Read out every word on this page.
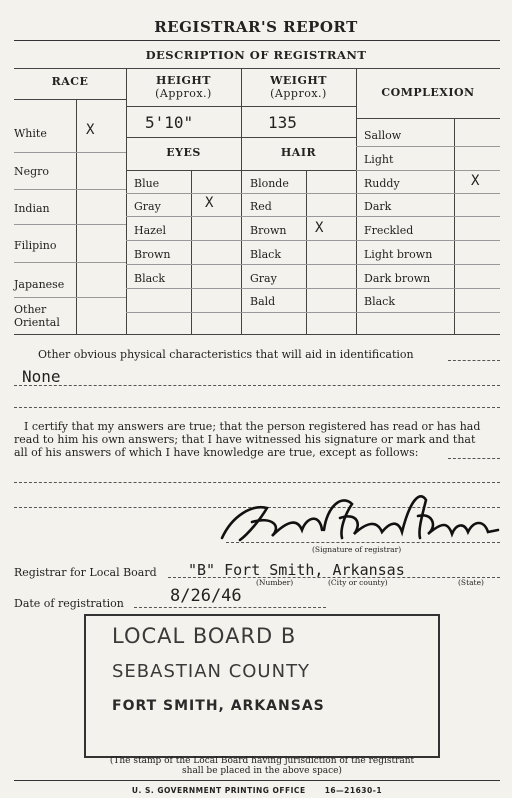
REGISTRAR'S REPORT
DESCRIPTION OF REGISTRANT
RACE
White	X
Negro
Indian
Filipino
Japanese
Other Oriental
HEIGHT
(Approx.)
5'10"
WEIGHT
(Approx.)
135
EYES
Blue
Gray	X
Hazel
Brown
Black
HAIR
Blonde
Red
Brown X
Black
Gray
Bald
COMPLEXION
Sallow
Light
Ruddy	X
Dark
Freckled
Light brown
Dark brown
Black
Other obvious physical characteristics that will aid in identification
None
I certify that my answers are true; that the person registered has read or has had
read to him his own answers; that I have witnessed his signature or mark and that
all of his answers of which I have knowledge are true, except as follows:
(Signature of registrar)
Registrar for Local Board "B" Fort Smith, Arkansas
(Number)	(City or county)	(State)
Date of registration	8/26/46
LOCAL BOARD B
SEBASTIAN COUNTY
FORT SMITH, ARKANSAS
(The stamp of the Local Board having jurisdiction of the registrant
shall be placed in the above space)
U. S. GOVERNMENT PRINTING OFFICE	16—21630-1
